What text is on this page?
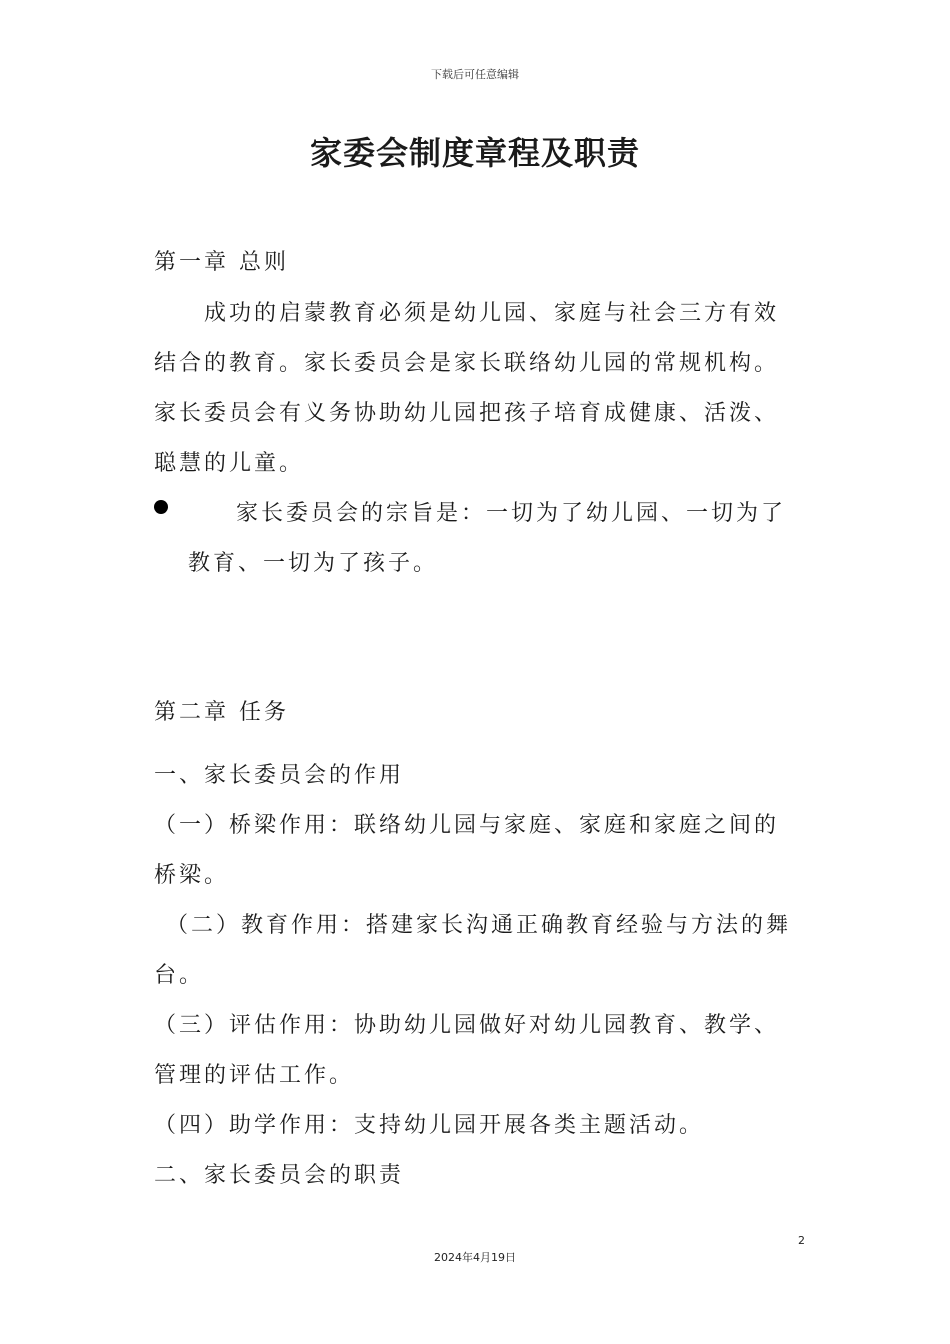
下载后可任意编辑
家委会制度章程及职责
第一章 总则
成功的启蒙教育必须是幼儿园、家庭与社会三方有效
结合的教育。家长委员会是家长联络幼儿园的常规机构。
家长委员会有义务协助幼儿园把孩子培育成健康、活泼、
聪慧的儿童。
家长委员会的宗旨是：一切为了幼儿园、一切为了
教育、一切为了孩子。
第二章 任务
一、家长委员会的作用
（一）桥梁作用：联络幼儿园与家庭、家庭和家庭之间的
桥梁。
（二）教育作用：搭建家长沟通正确教育经验与方法的舞
台。
（三）评估作用：协助幼儿园做好对幼儿园教育、教学、
管理的评估工作。
（四）助学作用：支持幼儿园开展各类主题活动。
二、家长委员会的职责
2
2024年4月19日
